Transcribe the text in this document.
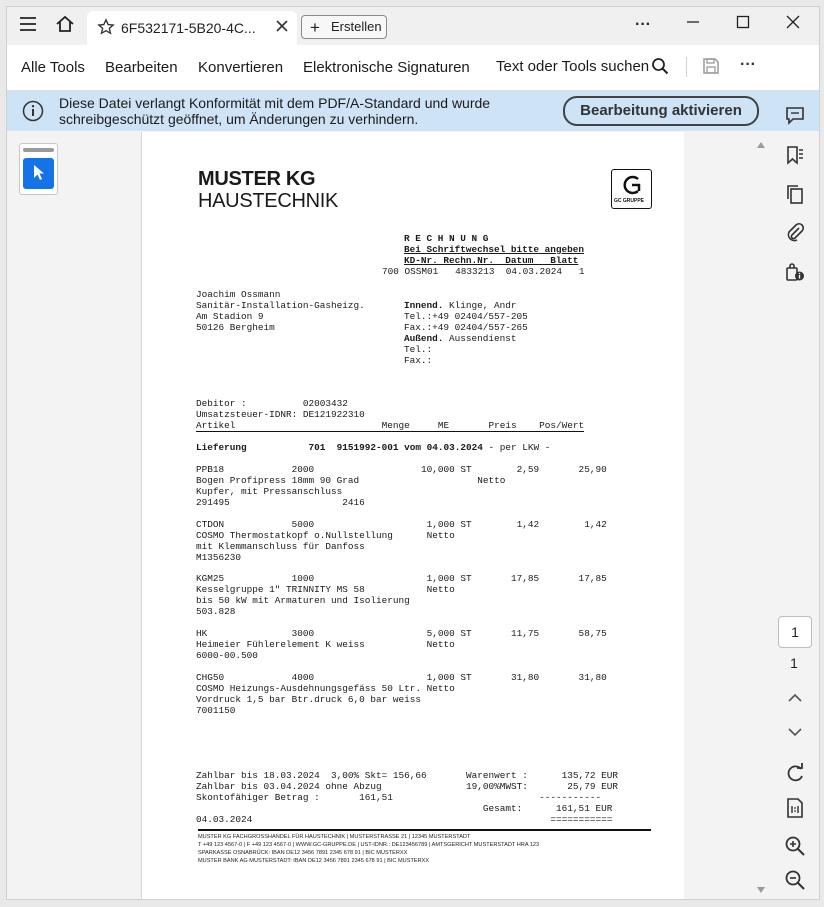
6F532171-5B20-4C...	+ Erstellen	···
Alle Tools Bearbeiten Konvertieren Elektronische Signaturen Text oder Tools suchen	···
Diese Datei verlangt Konformität mit dem PDF/A-Standard und wurde schreibgeschützt geöffnet, um Änderungen zu verhindern.	Bearbeitung aktivieren
MUSTER KG
HAUSTECHNIK	GC GRUPPE
R E C H N U N G
Bei Schriftwechsel bitte angeben
KD-Nr. Rechn.Nr.  Datum   Blatt
700 OSSM01   4833213  04.03.2024   1
Joachim Ossmann
Sanitär-Installation-Gasheizg.
Am Stadion 9
50126 Bergheim
Innend. Klinge, Andr
Tel.:+49 02404/557-205
Fax.:+49 02404/557-265
Außend. Aussendienst
Tel.:
Fax.:
Debitor :          02003432
Umsatzsteuer-IDNR: DE121922310
Artikel                          Menge     ME       Preis    Pos/Wert
Lieferung           701  9151992-001 vom 04.03.2024 - per LKW -
PPB18            2000                   10,000 ST        2,59       25,90
Bogen Profipress 18mm 90 Grad                     Netto
Kupfer, mit Pressanschluss
291495                    2416
CTDON            5000                    1,000 ST        1,42        1,42
COSMO Thermostatkopf o.Nullstellung      Netto
mit Klemmanschluss für Danfoss
M1356230
KGM25            1000                    1,000 ST       17,85       17,85
Kesselgruppe 1" TRINNITY MS 58           Netto
bis 50 kW mit Armaturen und Isolierung
503.828
HK               3000                    5,000 ST       11,75       58,75
Heimeier Fühlerelement K weiss           Netto
6000-00.500
CHG50            4000                    1,000 ST       31,80       31,80
COSMO Heizungs-Ausdehnungsgefäss 50 Ltr. Netto
Vordruck 1,5 bar Btr.druck 6,0 bar weiss
7001150
Zahlbar bis 18.03.2024  3,00% Skt= 156,66       Warenwert :      135,72 EUR
Zahlbar bis 03.04.2024 ohne Abzug               19,00%MWST:       25,79 EUR
Skontofähiger Betrag :       161,51                          -----------
Gesamt:      161,51 EUR
04.03.2024                                                     ===========
MUSTER KG FACHGROSSHANDEL FÜR HAUSTECHNIK | MUSTERSTRASSE 21 | 12345 MUSTERSTADT
T +49 123 4567-0 | F +49 123 4567-0 | WWW.GC-GRUPPE.DE | UST-IDNR.: DE123456789 | AMTSGERICHT MUSTERSTADT HRA 123
SPARKASSE OSNABRÜCK: IBAN DE12 3456 7891 2345 678 91 | BIC MUSTERXX
MUSTER BANK AG MUSTERSTADT: IBAN DE12 3456 7891 2345 678 91 | BIC MUSTERXX
1
1
